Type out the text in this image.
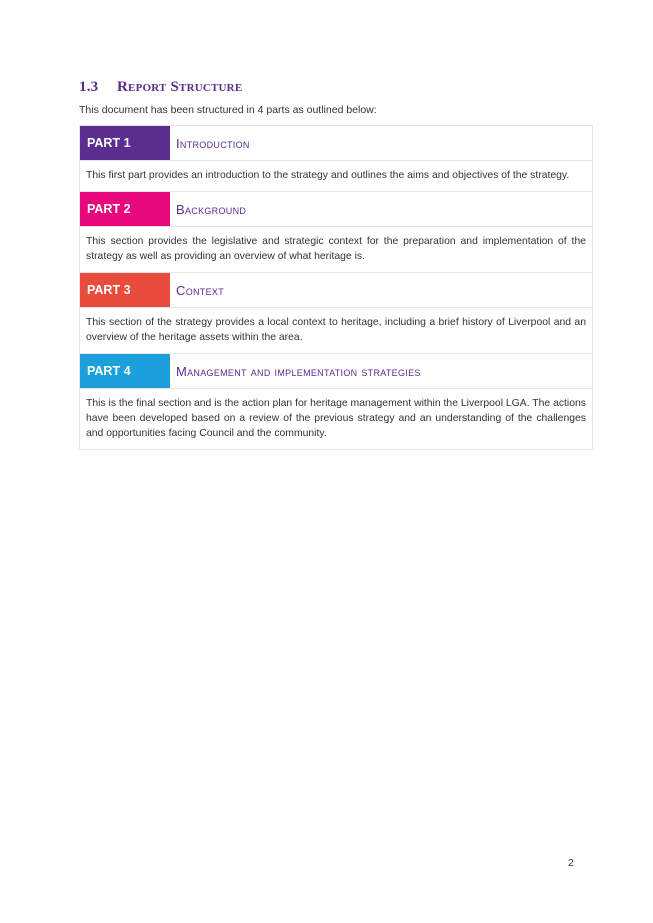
1.3 Report Structure
This document has been structured in 4 parts as outlined below:
PART 1	Introduction
This first part provides an introduction to the strategy and outlines the aims and objectives of the strategy.
PART 2	Background
This section provides the legislative and strategic context for the preparation and implementation of the strategy as well as providing an overview of what heritage is.
PART 3	Context
This section of the strategy provides a local context to heritage, including a brief history of Liverpool and an overview of the heritage assets within the area.
PART 4	Management and implementation strategies
This is the final section and is the action plan for heritage management within the Liverpool LGA. The actions have been developed based on a review of the previous strategy and an understanding of the challenges and opportunities facing Council and the community.
2
